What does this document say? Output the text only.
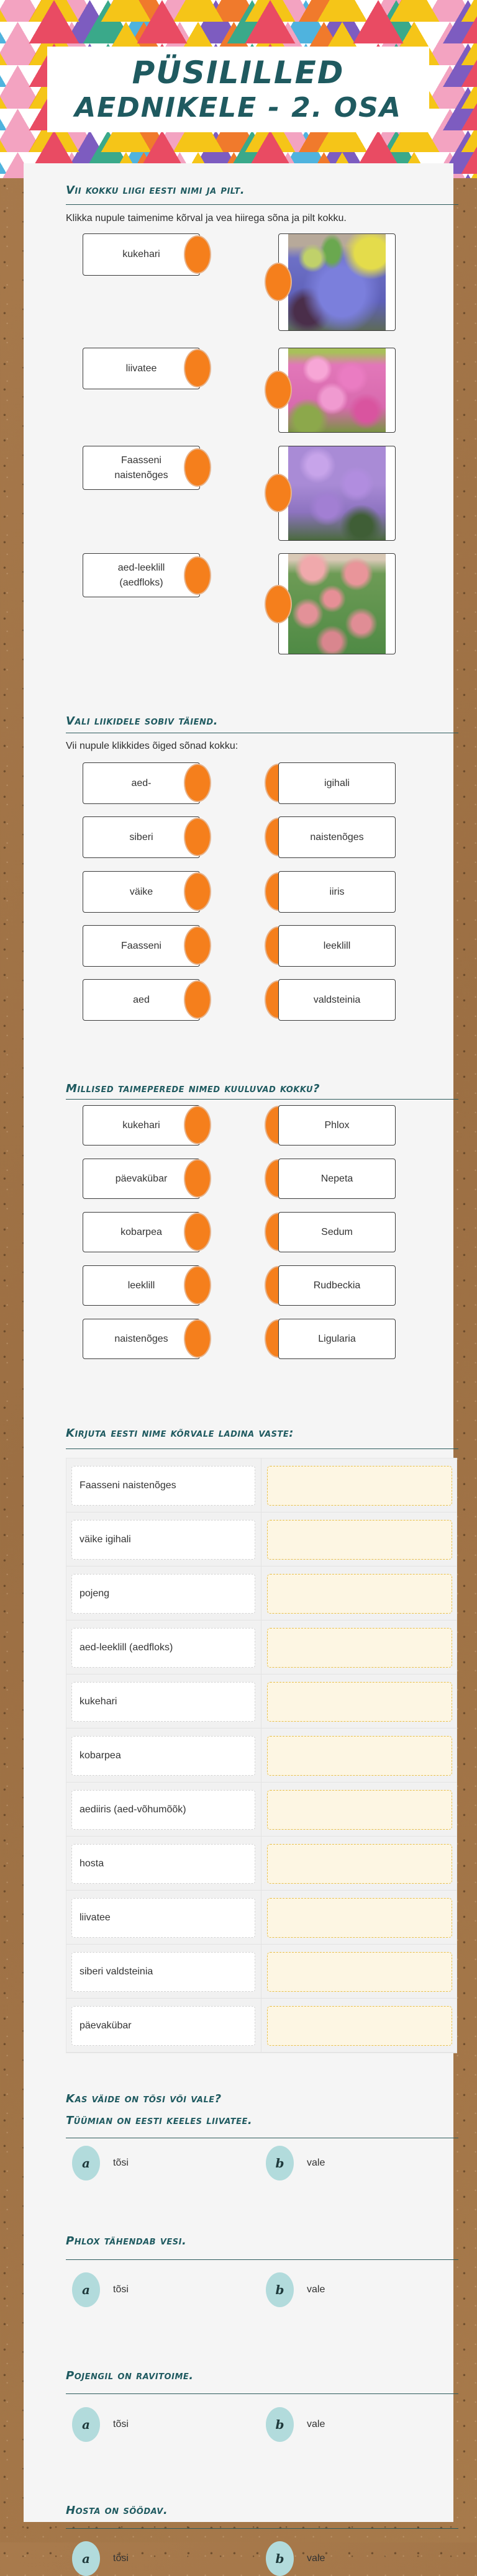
PÜSILILLED
AEDNIKELE - 2. OSA
Vii kokku liigi eesti nimi ja pilt.
Klikka nupule taimenime kõrval ja vea hiirega sõna ja pilt kokku.
kukehari
liivatee
Faasseni naistenõges
aed-leeklill (aedfloks)
Vali liikidele sobiv täiend.
Vii nupule klikkides õiged sõnad kokku:
aed-	igihali
siberi	naistenõges
väike	iiris
Faasseni	leeklill
aed	valdsteinia
Millised taimeperede nimed kuuluvad kokku?
kukehari	Phlox
päevakübar	Nepeta
kobarpea	Sedum
leeklill	Rudbeckia
naistenõges	Ligularia
Kirjuta eesti nime kõrvale ladina vaste:
Faasseni naistenõges
väike igihali
pojeng
aed-leeklill (aedfloks)
kukehari
kobarpea
aediiris (aed-võhumõõk)
hosta
liivatee
siberi valdsteinia
päevakübar
Kas väide on tõsi või vale?
Tüümian on eesti keeles liivatee.
a	tõsi	b	vale
Phlox tähendab vesi.
a	tõsi	b	vale
Pojengil on ravitoime.
a	tõsi	b	vale
Hosta on söödav.
a	tõsi	b	vale
